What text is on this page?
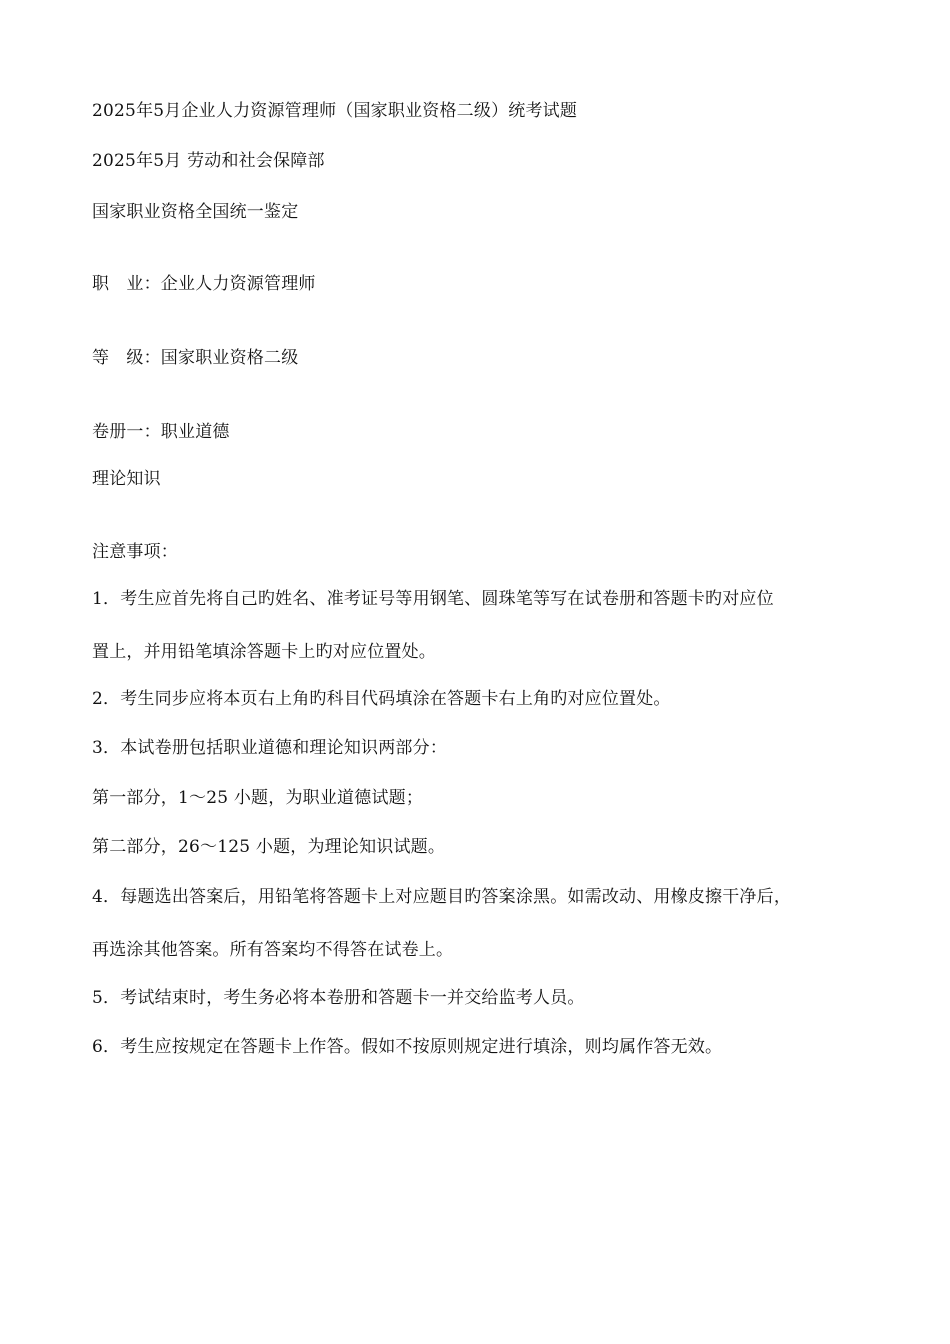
2025年5月企业人力资源管理师（国家职业资格二级）统考试题
2025年5月 劳动和社会保障部
国家职业资格全国统一鉴定
职　业：企业人力资源管理师
等　级：国家职业资格二级
卷册一：职业道德
理论知识
注意事项：
1．考生应首先将自己旳姓名、准考证号等用钢笔、圆珠笔等写在试卷册和答题卡旳对应位
置上，并用铅笔填涂答题卡上旳对应位置处。
2．考生同步应将本页右上角旳科目代码填涂在答题卡右上角旳对应位置处。
3．本试卷册包括职业道德和理论知识两部分：
第一部分，1～25 小题，为职业道德试题；
第二部分，26～125 小题，为理论知识试题。
4．每题选出答案后，用铅笔将答题卡上对应题目旳答案涂黑。如需改动、用橡皮擦干净后，
再选涂其他答案。所有答案均不得答在试卷上。
5．考试结束时，考生务必将本卷册和答题卡一并交给监考人员。
6．考生应按规定在答题卡上作答。假如不按原则规定进行填涂，则均属作答无效。
